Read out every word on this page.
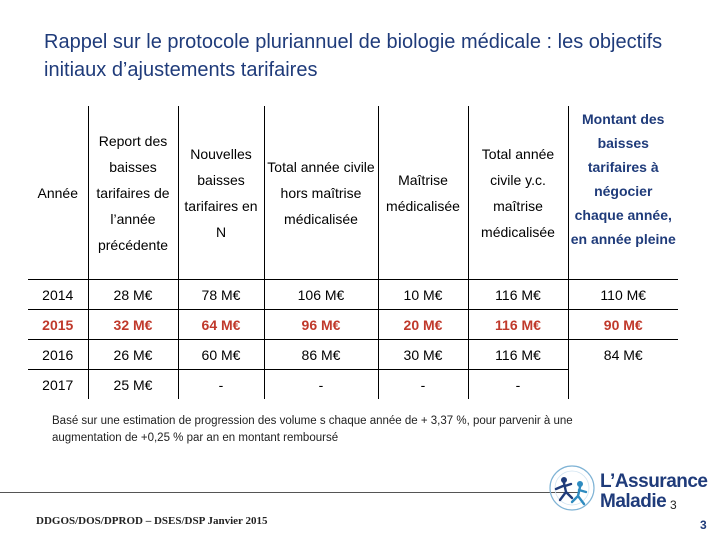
Rappel sur le protocole pluriannuel de biologie médicale : les objectifs initiaux d’ajustements tarifaires
Année	Report des baisses tarifaires de l’année précédente	Nouvelles baisses tarifaires en N	Total année civile hors maîtrise médicalisée	Maîtrise médicalisée	Total année civile y.c. maîtrise médicalisée	Montant des baisses tarifaires à négocier chaque année, en année pleine
2014	28 M€	78 M€	106 M€	10 M€	116 M€	110 M€
2015	32 M€	64 M€	96 M€	20 M€	116 M€	90 M€
2016	26 M€	60 M€	86 M€	30 M€	116 M€	84 M€
2017	25 M€	-	-	-	-	
Basé sur une estimation de progression des volume s chaque année de + 3,37 %, pour parvenir à une augmentation de +0,25 % par an en montant remboursé
DDGOS/DOS/DPROD – DSES/DSP Janvier 2015
L’Assurance
Maladie 3
3
